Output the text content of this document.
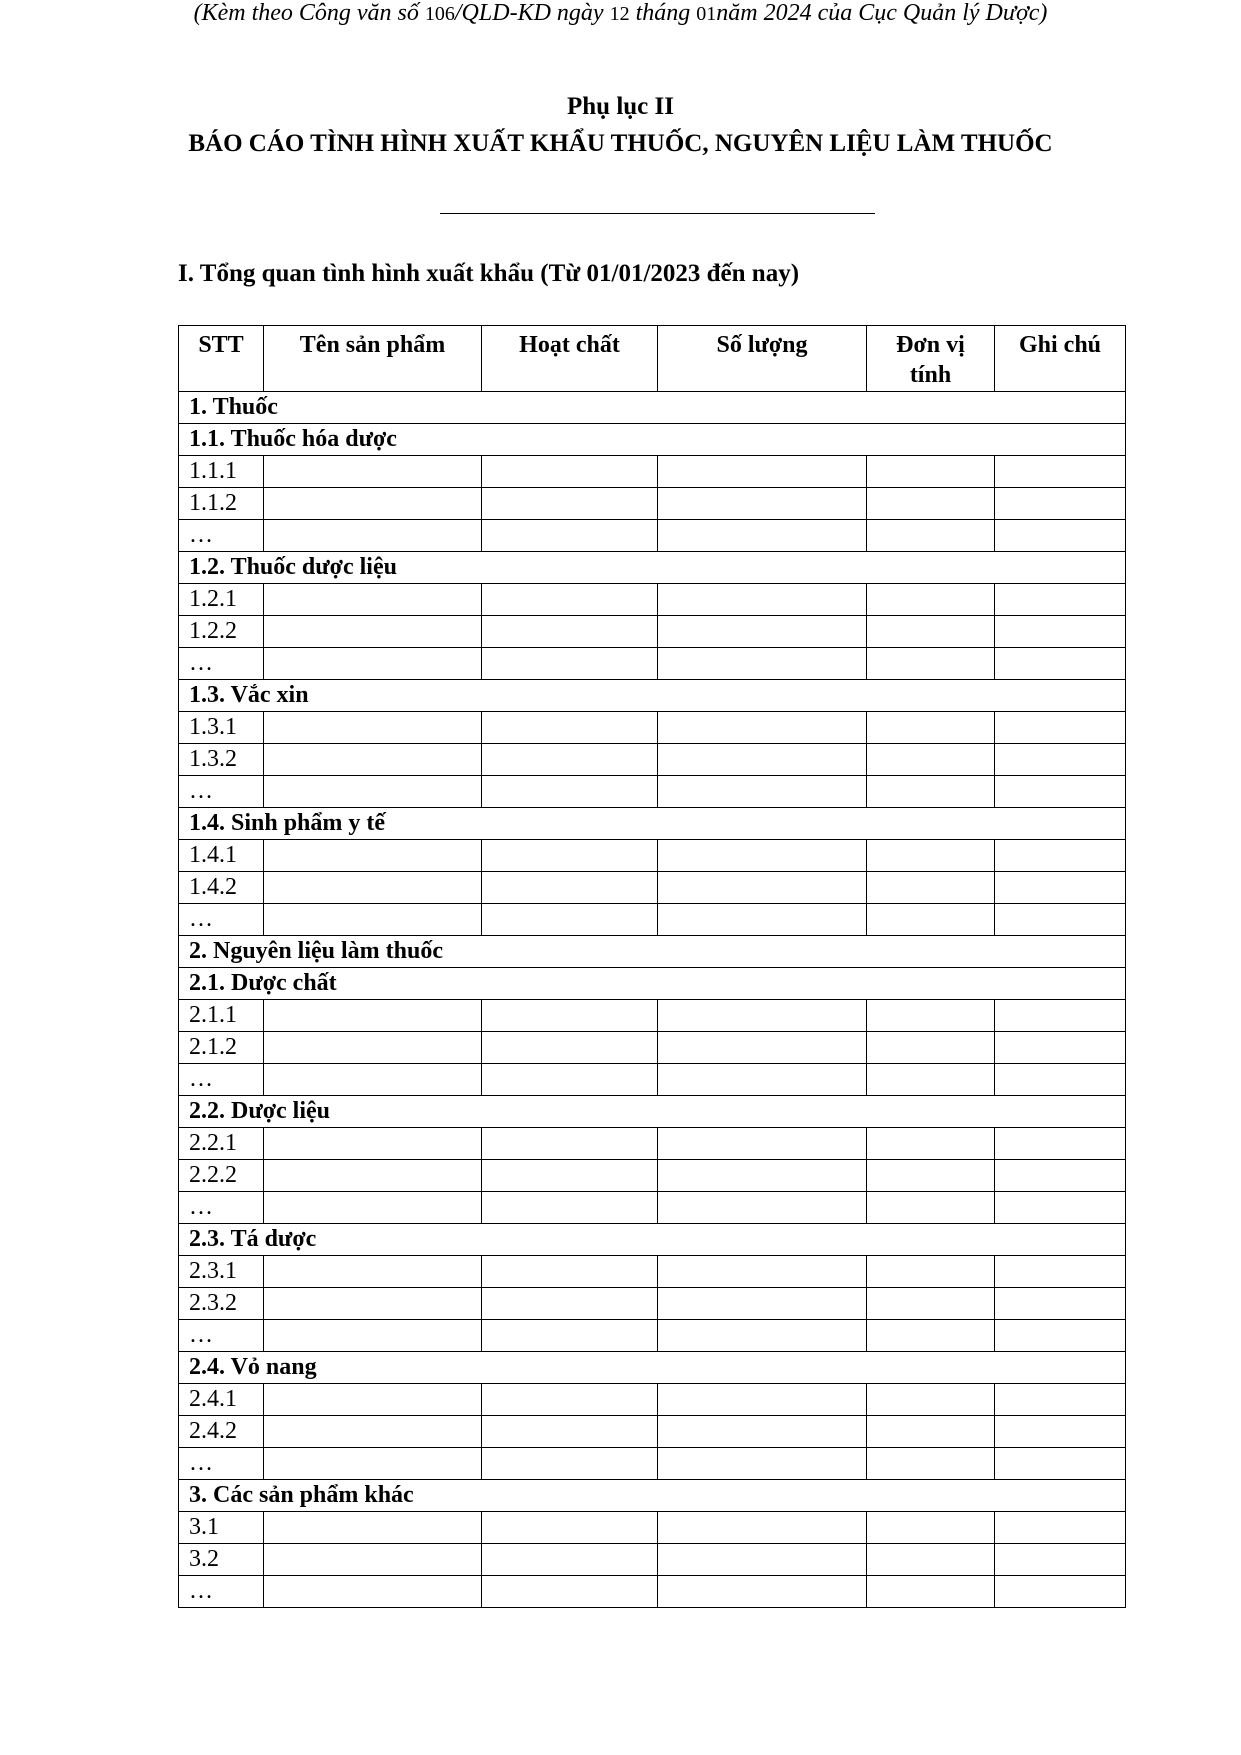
Phụ lục II
BÁO CÁO TÌNH HÌNH XUẤT KHẨU THUỐC, NGUYÊN LIỆU LÀM THUỐC
(Kèm theo Công văn số 106/QLD-KD ngày 12 tháng 01năm 2024 của Cục Quản lý Dược)
I. Tổng quan tình hình xuất khẩu (Từ 01/01/2023 đến nay)
STT	Tên sản phẩm	Hoạt chất	Số lượng	Đơn vị tính	Ghi chú
1. Thuốc					
1.1. Thuốc hóa dược					
1.1.1					
1.1.2					
…					
1.2. Thuốc dược liệu					
1.2.1					
1.2.2					
…					
1.3. Vắc xin					
1.3.1					
1.3.2					
…					
1.4. Sinh phẩm y tế					
1.4.1					
1.4.2					
…					
2. Nguyên liệu làm thuốc					
2.1. Dược chất					
2.1.1					
2.1.2					
…					
2.2. Dược liệu					
2.2.1					
2.2.2					
…					
2.3. Tá dược					
2.3.1					
2.3.2					
…					
2.4. Vỏ nang					
2.4.1					
2.4.2					
…					
3. Các sản phẩm khác					
3.1					
3.2					
…					
